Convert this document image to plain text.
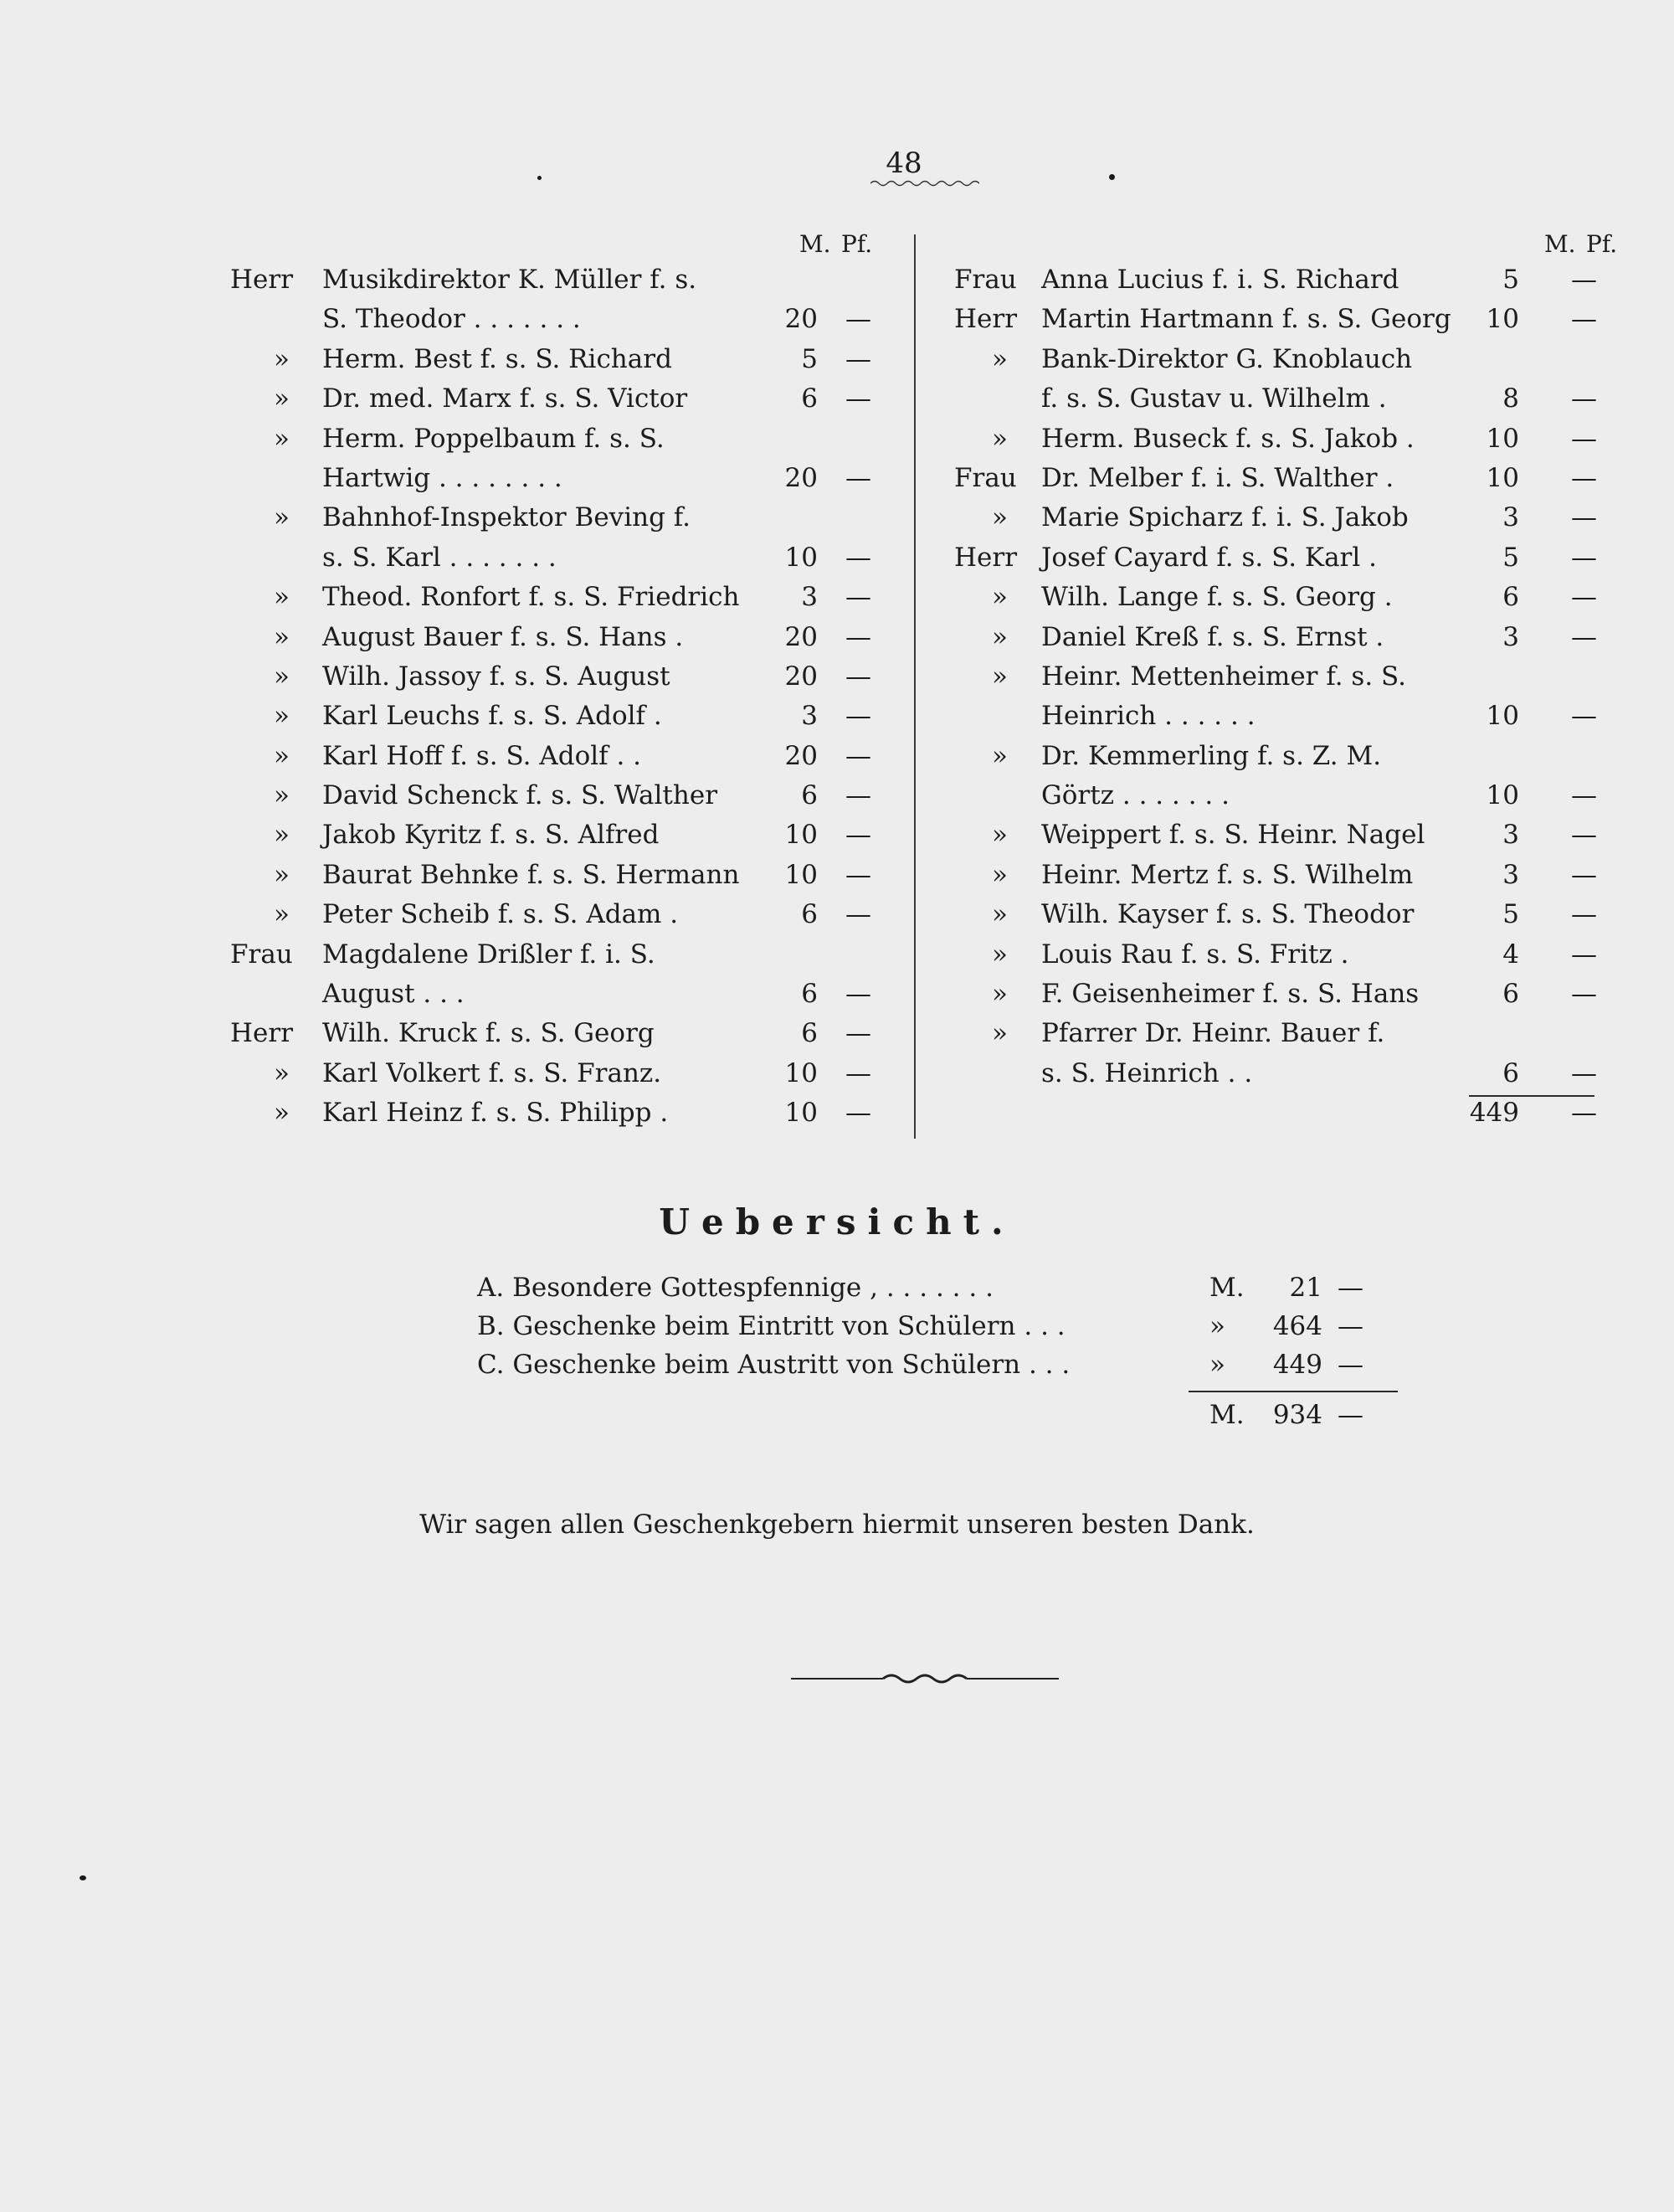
48
M. Pf.
Herr Musikdirektor K. Müller f. s.
S. Theodor . . . . . . .	20 —
» Herm. Best f. s. S. Richard	5 —
» Dr. med. Marx f. s. S. Victor	6 —
» Herm. Poppelbaum f. s. S.
Hartwig . . . . . . . .	20 —
» Bahnhof-Inspektor Beving f.
s. S. Karl . . . . . . .	10 —
» Theod. Ronfort f. s. S. Friedrich	3 —
» August Bauer f. s. S. Hans .	20 —
» Wilh. Jassoy f. s. S. August	20 —
» Karl Leuchs f. s. S. Adolf .	3 —
» Karl Hoff f. s. S. Adolf . .	20 —
» David Schenck f. s. S. Walther	6 —
» Jakob Kyritz f. s. S. Alfred	10 —
» Baurat Behnke f. s. S. Hermann	10 —
» Peter Scheib f. s. S. Adam .	6 —
Frau Magdalene Drißler f. i. S.
August . . .	6 —
Herr Wilh. Kruck f. s. S. Georg	6 —
» Karl Volkert f. s. S. Franz.	10 —
» Karl Heinz f. s. S. Philipp .	10 —
M. Pf.
Frau Anna Lucius f. i. S. Richard	5 —
Herr Martin Hartmann f. s. S. Georg	10 —
» Bank-Direktor G. Knoblauch
f. s. S. Gustav u. Wilhelm .	8 —
» Herm. Buseck f. s. S. Jakob .	10 —
Frau Dr. Melber f. i. S. Walther .	10 —
» Marie Spicharz f. i. S. Jakob	3 —
Herr Josef Cayard f. s. S. Karl .	5 —
» Wilh. Lange f. s. S. Georg .	6 —
» Daniel Kreß f. s. S. Ernst .	3 —
» Heinr. Mettenheimer f. s. S.
Heinrich . . . . . .	10 —
» Dr. Kemmerling f. s. Z. M.
Görtz . . . . . . .	10 —
» Weippert f. s. S. Heinr. Nagel	3 —
» Heinr. Mertz f. s. S. Wilhelm	3 —
» Wilh. Kayser f. s. S. Theodor	5 —
» Louis Rau f. s. S. Fritz .	4 —
» F. Geisenheimer f. s. S. Hans	6 —
» Pfarrer Dr. Heinr. Bauer f.
s. S. Heinrich . .	6 —
449 —
Uebersicht.
A. Besondere Gottespfennige , . . . . . . .	M.	21 —
B. Geschenke beim Eintritt von Schülern . . .	»	464 —
C. Geschenke beim Austritt von Schülern . . .	»	449 —
M.	934 —
Wir sagen allen Geschenkgebern hiermit unseren besten Dank.
